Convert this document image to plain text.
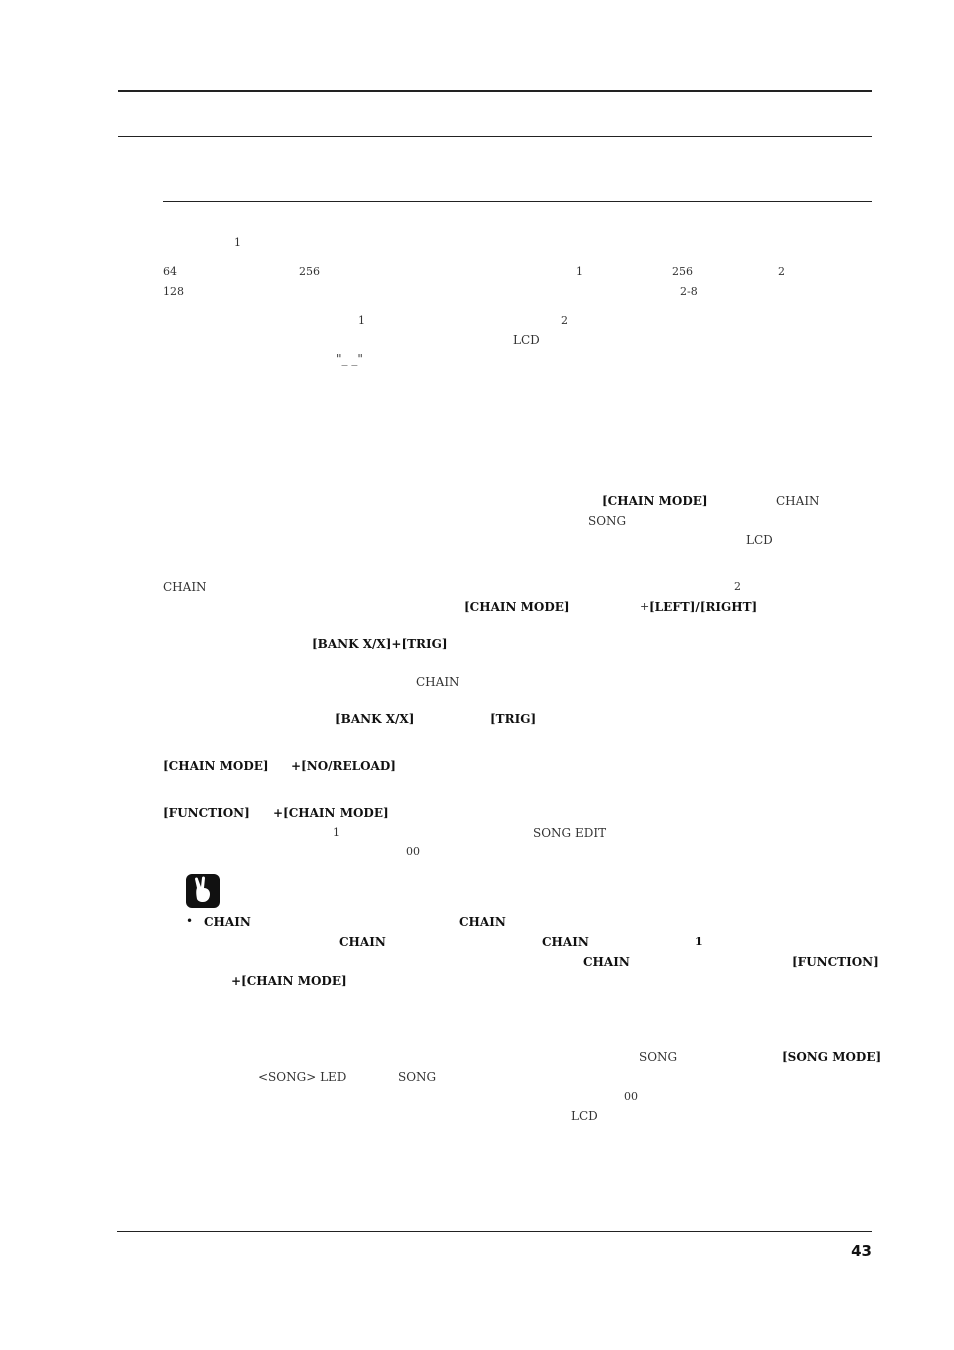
1
64	256	1	256	2
128	2-8
1	2
LCD
"_ _"
[CHAIN MODE]	CHAIN
SONG
LCD
CHAIN	2
[CHAIN MODE]	+ [LEFT]/[RIGHT]
[BANK X/X]+[TRIG]
CHAIN
[BANK X/X]	[TRIG]
[CHAIN MODE] +[NO/RELOAD]
[FUNCTION] +[CHAIN MODE]
1	SONG EDIT
00
• CHAIN	CHAIN
CHAIN	CHAIN	1
CHAIN	[FUNCTION]
+[CHAIN MODE]
SONG	[SONG MODE]
<SONG> LED	SONG
00
LCD
43
